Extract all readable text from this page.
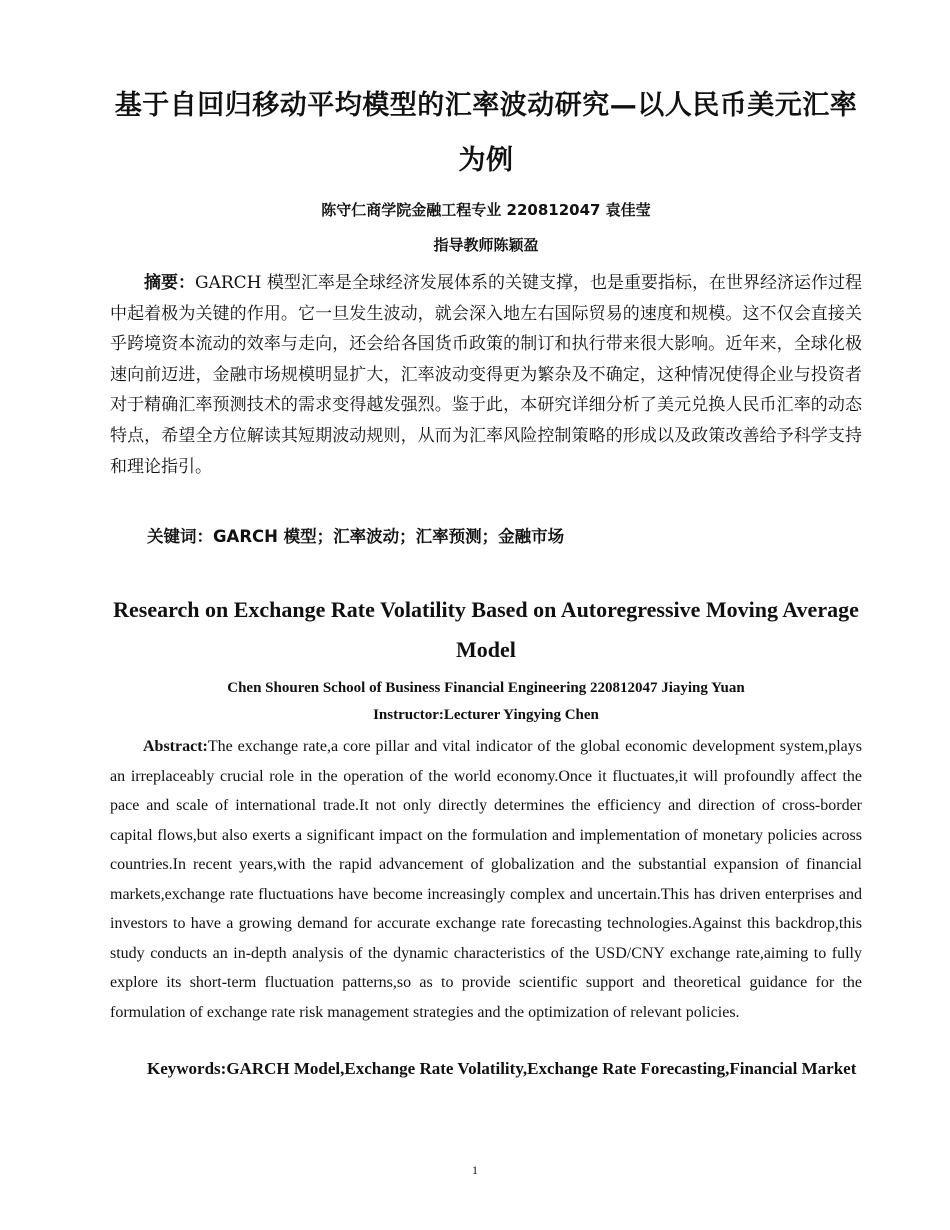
基于自回归移动平均模型的汇率波动研究—以人民币美元汇率为例
陈守仁商学院金融工程专业 220812047 袁佳莹
指导教师陈颖盈

摘要：GARCH 模型汇率是全球经济发展体系的关键支撑，也是重要指标，在世界经济运作过程中起着极为关键的作用。它一旦发生波动，就会深入地左右国际贸易的速度和规模。这不仅会直接关乎跨境资本流动的效率与走向，还会给各国货币政策的制订和执行带来很大影响。近年来，全球化极速向前迈进，金融市场规模明显扩大，汇率波动变得更为繁杂及不确定，这种情况使得企业与投资者对于精确汇率预测技术的需求变得越发强烈。鉴于此，本研究详细分析了美元兑换人民币汇率的动态特点，希望全方位解读其短期波动规则，从而为汇率风险控制策略的形成以及政策改善给予科学支持和理论指引。

关键词：GARCH 模型；汇率波动；汇率预测；金融市场

Research on Exchange Rate Volatility Based on Autoregressive Moving Average Model
Chen Shouren School of Business Financial Engineering 220812047 Jiaying Yuan
Instructor:Lecturer Yingying Chen

Abstract:The exchange rate,a core pillar and vital indicator of the global economic development system,plays an irreplaceably crucial role in the operation of the world economy.Once it fluctuates,it will profoundly affect the pace and scale of international trade.It not only directly determines the efficiency and direction of cross-border capital flows,but also exerts a significant impact on the formulation and implementation of monetary policies across countries.In recent years,with the rapid advancement of globalization and the substantial expansion of financial markets,exchange rate fluctuations have become increasingly complex and uncertain.This has driven enterprises and investors to have a growing demand for accurate exchange rate forecasting technologies.Against this backdrop,this study conducts an in-depth analysis of the dynamic characteristics of the USD/CNY exchange rate,aiming to fully explore its short-term fluctuation patterns,so as to provide scientific support and theoretical guidance for the formulation of exchange rate risk management strategies and the optimization of relevant policies.

Keywords:GARCH Model,Exchange Rate Volatility,Exchange Rate Forecasting,Financial Market

1
